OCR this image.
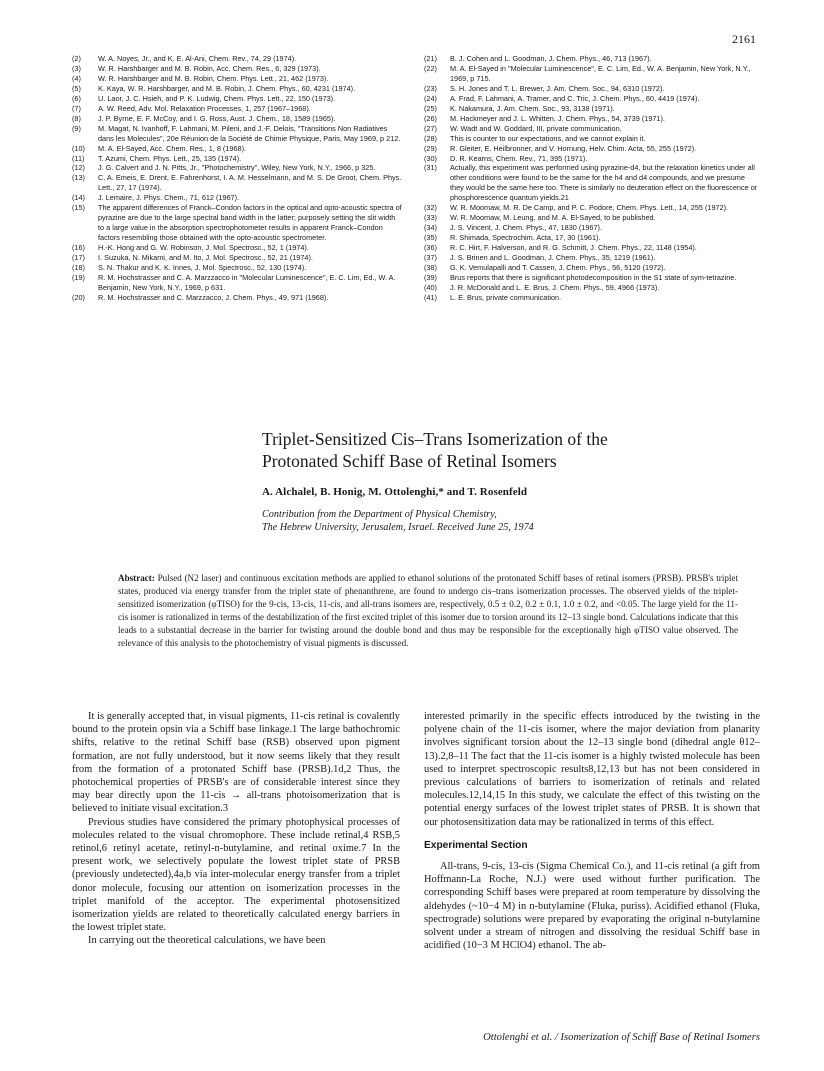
2161
(2)	W. A. Noyes, Jr., and K. E. Al-Ani, Chem. Rev., 74, 29 (1974).
(3)	W. R. Harshbarger and M. B. Robin, Acc. Chem. Res., 6, 329 (1973).
(4)	W. R. Harshbarger and M. B. Robin, Chem. Phys. Lett., 21, 462 (1973).
(5)	K. Kaya, W. R. Harshbarger, and M. B. Robin, J. Chem. Phys., 60, 4231 (1974).
(6)	U. Laor, J. C. Hsieh, and P. K. Ludwig, Chem. Phys. Lett., 22, 150 (1973).
(7)	A. W. Reed, Adv. Mol. Relaxation Processes, 1, 257 (1967–1968).
(8)	J. P. Byrne, E. F. McCoy, and I. G. Ross, Aust. J. Chem., 18, 1589 (1965).
(9)	M. Magat, N. Ivanhoff, F. Lahmani, M. Pileni, and J.-F. Delois, "Transitions Non Radiatives dans les Molecules", 20e Réunion de la Société de Chimie Physique, Paris, May 1969, p 212.
(10)	M. A. El-Sayed, Acc. Chem. Res., 1, 8 (1968).
(11)	T. Azumi, Chem. Phys. Lett., 25, 135 (1974).
(12)	J. G. Calvert and J. N. Pitts, Jr., "Photochemistry", Wiley, New York, N.Y., 1966, p 325.
(13)	C. A. Emeis, E. Drent, E. Fahrenhorst, I. A. M. Hesselmann, and M. S. De Groot, Chem. Phys. Lett., 27, 17 (1974).
(14)	J. Lemaire, J. Phys. Chem., 71, 612 (1967).
(15)	The apparent differences of Franck–Condon factors in the optical and opto-acoustic spectra of pyrazine are due to the large spectral band width in the latter; purposely setting the slit width to a large value in the absorption spectrophotometer results in apparent Franck–Condon factors resembling those obtained with the opto-acoustic spectrometer.
(16)	H.-K. Hong and G. W. Robinson, J. Mol. Spectrosc., 52, 1 (1974).
(17)	I. Suzuka, N. Mikami, and M. Ito, J. Mol. Spectrosc., 52, 21 (1974).
(18)	S. N. Thakur and K. K. Innes, J. Mol. Spectrosc., 52, 130 (1974).
(19)	R. M. Hochstrasser and C. A. Marzzacco in "Molecular Luminescence", E. C. Lim, Ed., W. A. Benjamin, New York, N.Y., 1969, p 631.
(20)	R. M. Hochstrasser and C. Marzzacco, J. Chem. Phys., 49, 971 (1968).
(21)	B. J. Cohen and L. Goodman, J. Chem. Phys., 46, 713 (1967).
(22)	M. A. El-Sayed in "Molecular Luminescence", E. C. Lim, Ed., W. A. Benjamin, New York, N.Y., 1969, p 715.
(23)	S. H. Jones and T. L. Brewer, J. Am. Chem. Soc., 94, 6310 (1972).
(24)	A. Frad, F. Lahmani, A. Tramer, and C. Tric, J. Chem. Phys., 60, 4419 (1974).
(25)	K. Nakamura, J. Am. Chem. Soc., 93, 3138 (1971).
(26)	M. Hackmeyer and J. L. Whitten, J. Chem. Phys., 54, 3739 (1971).
(27)	W. Wadt and W. Goddard, III, private communication.
(28)	This is counter to our expectations, and we cannot explain it.
(29)	R. Gleiter, E. Heilbronner, and V. Hornung, Helv. Chim. Acta, 55, 255 (1972).
(30)	D. R. Kearns, Chem. Rev., 71, 395 (1971).
(31)	Actually, this experiment was performed using pyrazine-d4, but the relaxation kinetics under all other conditions were found to be the same for the h4 and d4 compounds, and we presume they would be the same here too. There is similarly no deuteration effect on the fluorescence or phosphorescence quantum yields.21
(32)	W. R. Moomaw, M. R. De Camp, and P. C. Podore, Chem. Phys. Lett., 14, 255 (1972).
(33)	W. R. Moomaw, M. Leung, and M. A. El-Sayed, to be published.
(34)	J. S. Vincent, J. Chem. Phys., 47, 1830 (1967).
(35)	R. Shimada, Spectrochim. Acta, 17, 30 (1961).
(36)	R. C. Hirt, F. Halverson, and R. G. Schmitt, J. Chem. Phys., 22, 1148 (1954).
(37)	J. S. Brinen and L. Goodman, J. Chem. Phys., 35, 1219 (1961).
(38)	G. K. Vemulapalli and T. Cassen, J. Chem. Phys., 56, 5120 (1972).
(39)	Brus reports that there is significant photodecomposition in the S1 state of sym-tetrazine.
(40)	J. R. McDonald and L. E. Brus, J. Chem. Phys., 59, 4966 (1973).
(41)	L. E. Brus, private communication.
Triplet-Sensitized Cis–Trans Isomerization of the
Protonated Schiff Base of Retinal Isomers
A. Alchalel, B. Honig, M. Ottolenghi,* and T. Rosenfeld
Contribution from the Department of Physical Chemistry,
The Hebrew University, Jerusalem, Israel. Received June 25, 1974
Abstract: Pulsed (N2 laser) and continuous excitation methods are applied to ethanol solutions of the protonated Schiff bases of retinal isomers (PRSB). PRSB's triplet states, produced via energy transfer from the triplet state of phenanthrene, are found to undergo cis–trans isomerization processes. The observed yields of the triplet-sensitized isomerization (φTISO) for the 9-cis, 13-cis, 11-cis, and all-trans isomers are, respectively, 0.5 ± 0.2, 0.2 ± 0.1, 1.0 ± 0.2, and <0.05. The large yield for the 11-cis isomer is rationalized in terms of the destabilization of the first excited triplet of this isomer due to torsion around its 12–13 single bond. Calculations indicate that this leads to a substantial decrease in the barrier for twisting around the double bond and thus may be responsible for the exceptionally high φTISO value observed. The relevance of this analysis to the photochemistry of visual pigments is discussed.

It is generally accepted that, in visual pigments, 11-cis retinal is covalently bound to the protein opsin via a Schiff base linkage.1 The large bathochromic shifts, relative to the retinal Schiff base (RSB) observed upon pigment formation, are not fully understood, but it now seems likely that they result from the formation of a protonated Schiff base (PRSB).1d,2 Thus, the photochemical properties of PRSB's are of considerable interest since they may bear directly upon the 11-cis → all-trans photoisomerization that is believed to initiate visual excitation.3

Previous studies have considered the primary photophysical processes of molecules related to the visual chromophore. These include retinal,4 RSB,5 retinol,6 retinyl acetate, retinyl-n-butylamine, and retinal oxime.7 In the present work, we selectively populate the lowest triplet state of PRSB (previously undetected),4a,b via inter-molecular energy transfer from a triplet donor molecule, focusing our attention on isomerization processes in the triplet manifold of the acceptor. The experimental photosensitized isomerization yields are related to theoretically calculated energy barriers in the lowest triplet state.

In carrying out the theoretical calculations, we have been

interested primarily in the specific effects introduced by the twisting in the polyene chain of the 11-cis isomer, where the major deviation from planarity involves significant torsion about the 12–13 single bond (dihedral angle θ12–13).2,8–11 The fact that the 11-cis isomer is a highly twisted molecule has been used to interpret spectroscopic results8,12,13 but has not been considered in previous calculations of barriers to isomerization of retinals and related molecules.12,14,15 In this study, we calculate the effect of this twisting on the potential energy surfaces of the lowest triplet states of PRSB. It is shown that our photosensitization data may be rationalized in terms of this effect.

Experimental Section

All-trans, 9-cis, 13-cis (Sigma Chemical Co.), and 11-cis retinal (a gift from Hoffmann-La Roche, N.J.) were used without further purification. The corresponding Schiff bases were prepared at room temperature by dissolving the aldehydes (~10−4 M) in n-butylamine (Fluka, puriss). Acidified ethanol (Fluka, spectrograde) solutions were prepared by evaporating the original n-butylamine solvent under a stream of nitrogen and dissolving the residual Schiff base in acidified (10−3 M HClO4) ethanol. The ab-

Ottolenghi et al. / Isomerization of Schiff Base of Retinal Isomers
